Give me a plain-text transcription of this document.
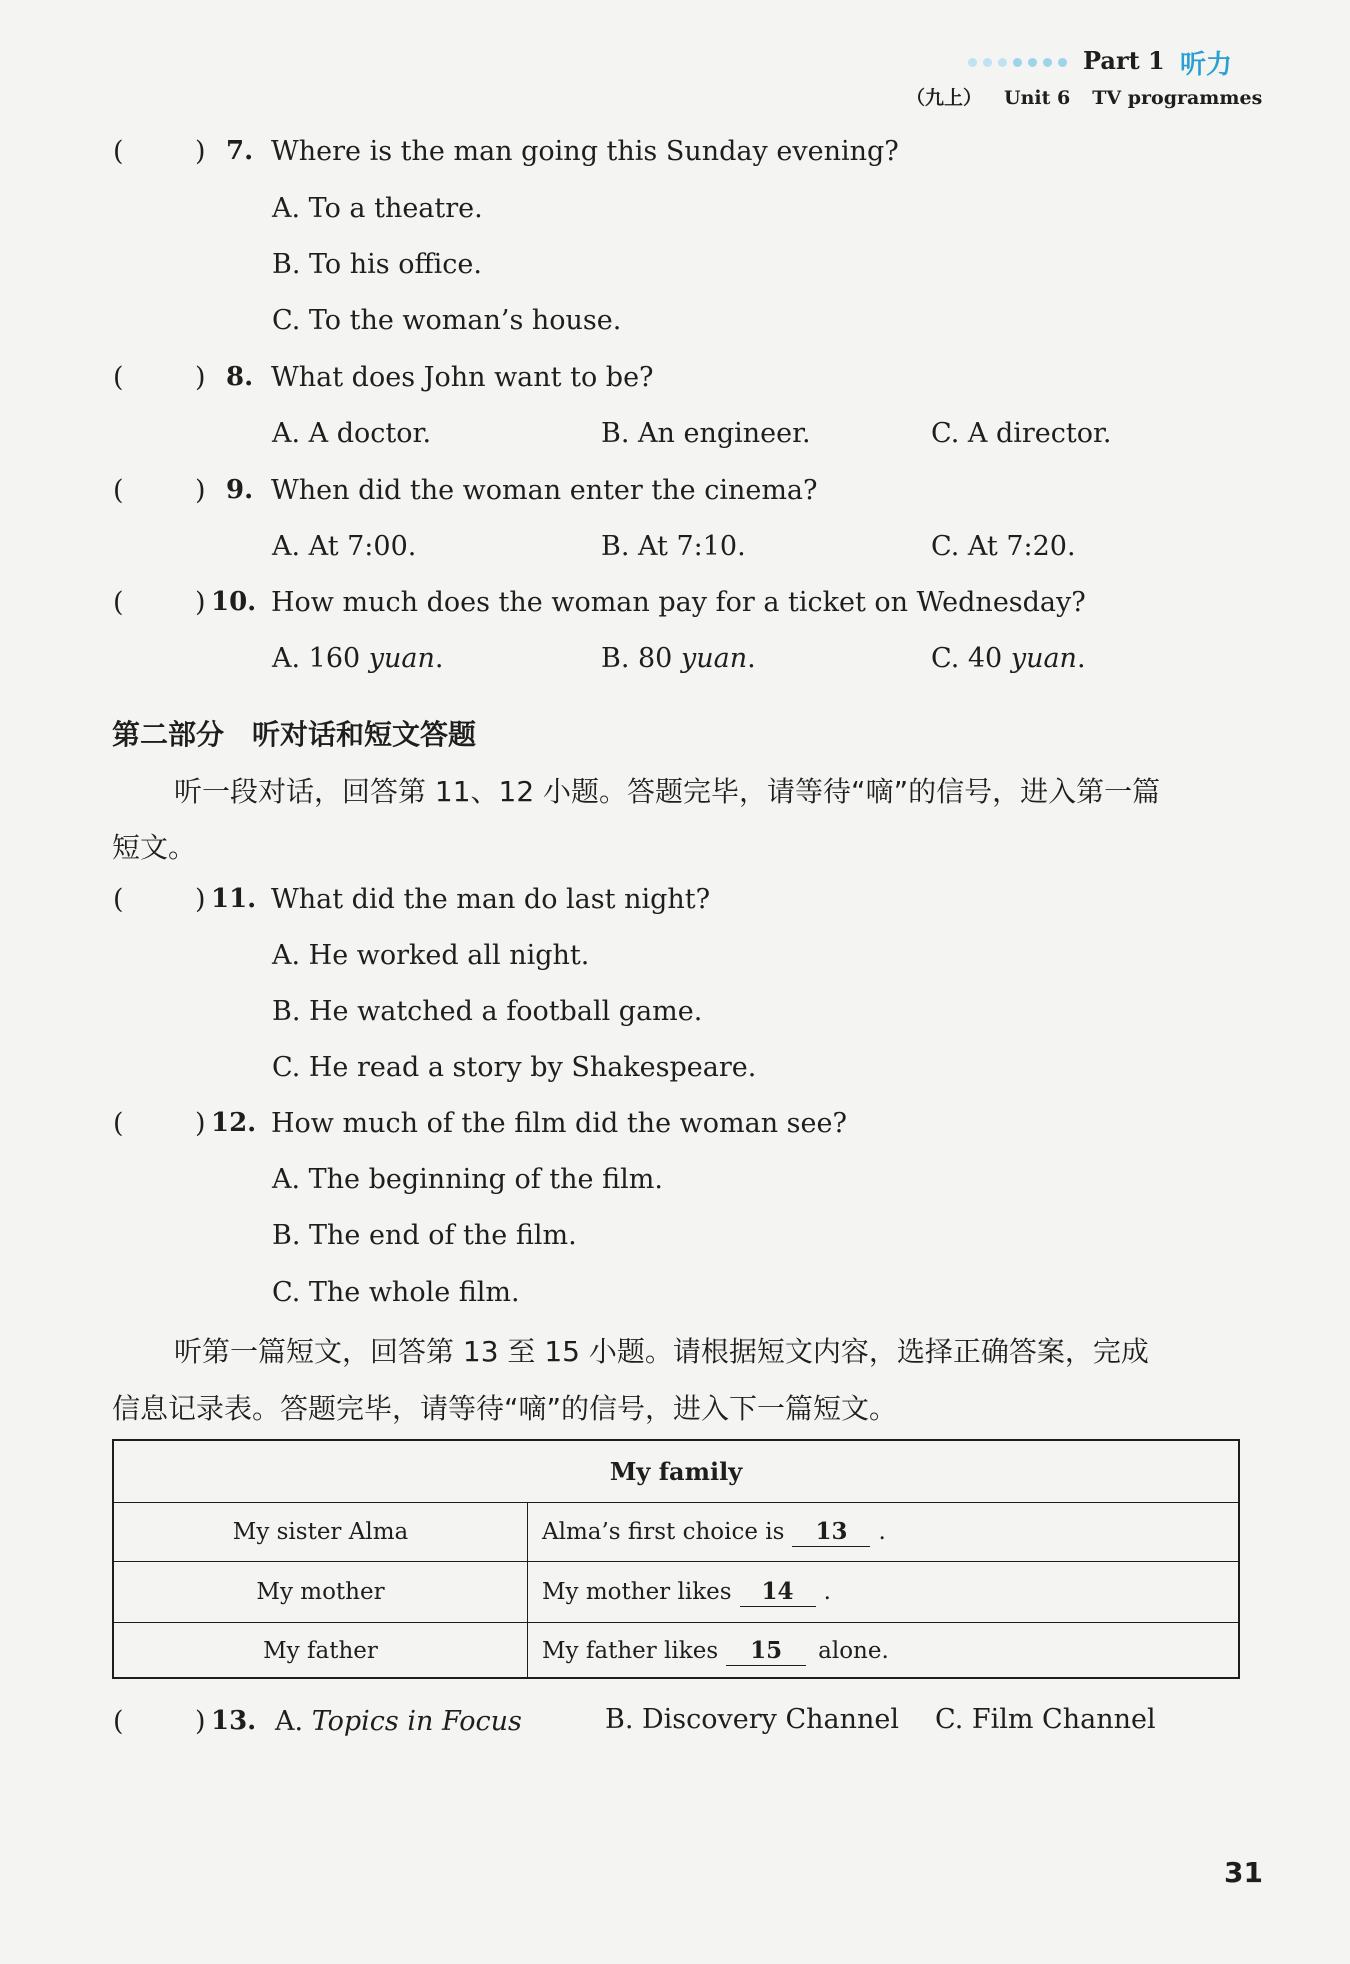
Part 1 听力
（九上） Unit 6 TV programmes
(	) 7. Where is the man going this Sunday evening?
A. To a theatre.
B. To his office.
C. To the woman’s house.
(	) 8. What does John want to be?
A. A doctor.	B. An engineer.	C. A director.
(	) 9. When did the woman enter the cinema?
A. At 7:00.	B. At 7:10.	C. At 7:20.
(	) 10. How much does the woman pay for a ticket on Wednesday?
A. 160 yuan.	B. 80 yuan.	C. 40 yuan.
第二部分　听对话和短文答题
听一段对话，回答第 11、12 小题。答题完毕，请等待“嘀”的信号，进入第一篇
短文。
(	) 11. What did the man do last night?
A. He worked all night.
B. He watched a football game.
C. He read a story by Shakespeare.
(	) 12. How much of the film did the woman see?
A. The beginning of the film.
B. The end of the film.
C. The whole film.
听第一篇短文，回答第 13 至 15 小题。请根据短文内容，选择正确答案，完成
信息记录表。答题完毕，请等待“嘀”的信号，进入下一篇短文。
My family
My sister Alma	Alma’s first choice is	13	.
My mother	My mother likes	14	.
My father	My father likes	15	alone.
(	) 13. A. Topics in Focus	B. Discovery Channel C. Film Channel
31
